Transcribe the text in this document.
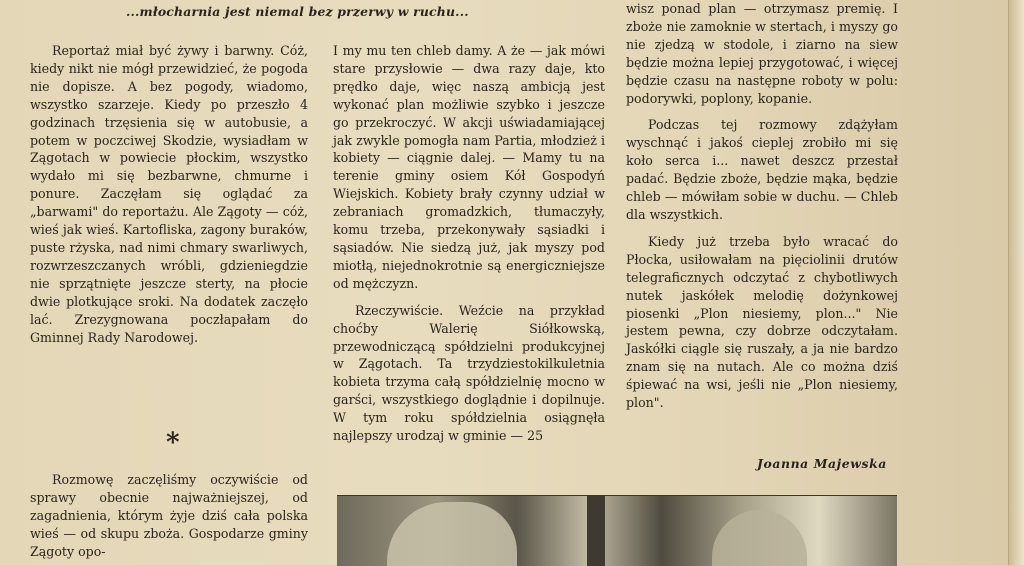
...młocharnia jest niemal bez przerwy w ruchu...

Reportaż miał być żywy i barwny. Cóż, kiedy nikt nie mógł przewidzieć, że pogoda nie dopisze. A bez pogody, wiadomo, wszystko szarzeje. Kiedy po przeszło 4 godzinach trzęsienia się w autobusie, a potem w poczciwej Skodzie, wysiadłam w Zągotach w powiecie płockim, wszystko wydało mi się bezbarwne, chmurne i ponure. Zaczęłam się oglądać za „barwami" do reportażu. Ale Zągoty — cóż, wieś jak wieś. Kartofliska, zagony buraków, puste rżyska, nad nimi chmary swarliwych, rozwrzeszczanych wróbli, gdzieniegdzie nie sprzątnięte jeszcze sterty, na płocie dwie plotkujące sroki. Na dodatek zaczęło lać. Zrezygnowana poczłapałam do Gminnej Rady Narodowej.

*

Rozmowę zaczęliśmy oczywiście od sprawy obecnie najważniejszej, od zagadnienia, którym żyje dziś cała polska wieś — od skupu zboża. Gospodarze gminy Zągoty opo-

I my mu ten chleb damy. A że — jak mówi stare przysłowie — dwa razy daje, kto prędko daje, więc naszą ambicją jest wykonać plan możliwie szybko i jeszcze go przekroczyć. W akcji uświadamiającej jak zwykle pomogła nam Partia, młodzież i kobiety — ciągnie dalej. — Mamy tu na terenie gminy osiem Kół Gospodyń Wiejskich. Kobiety brały czynny udział w zebraniach gromadzkich, tłumaczyły, komu trzeba, przekonywały sąsiadki i sąsiadów. Nie siedzą już, jak myszy pod miotłą, niejednokrotnie są energiczniejsze od mężczyzn.

Rzeczywiście. Weźcie na przykład choćby Walerię Siółkowską, przewodniczącą spółdzielni produkcyjnej w Zągotach. Ta trzydziestokilkuletnia kobieta trzyma całą spółdzielnię mocno w garści, wszystkiego doglądnie i dopilnuje. W tym roku spółdzielnia osiągnęła najlepszy urodzaj w gminie — 25

wisz ponad plan — otrzymasz premię. I zboże nie zamoknie w stertach, i myszy go nie zjedzą w stodole, i ziarno na siew będzie można lepiej przygotować, i więcej będzie czasu na następne roboty w polu: podorywki, poplony, kopanie.

Podczas tej rozmowy zdążyłam wyschnąć i jakoś cieplej zrobiło mi się koło serca i... nawet deszcz przestał padać. Będzie zboże, będzie mąka, będzie chleb — mówiłam sobie w duchu. — Chleb dla wszystkich.

Kiedy już trzeba było wracać do Płocka, usiłowałam na pięciolinii drutów telegraficznych odczytać z chybotliwych nutek jaskółek melodię dożynkowej piosenki „Plon niesiemy, plon..." Nie jestem pewna, czy dobrze odczytałam. Jaskółki ciągle się ruszały, a ja nie bardzo znam się na nutach. Ale co można dziś śpiewać na wsi, jeśli nie „Plon niesiemy, plon".

Joanna Majewska
